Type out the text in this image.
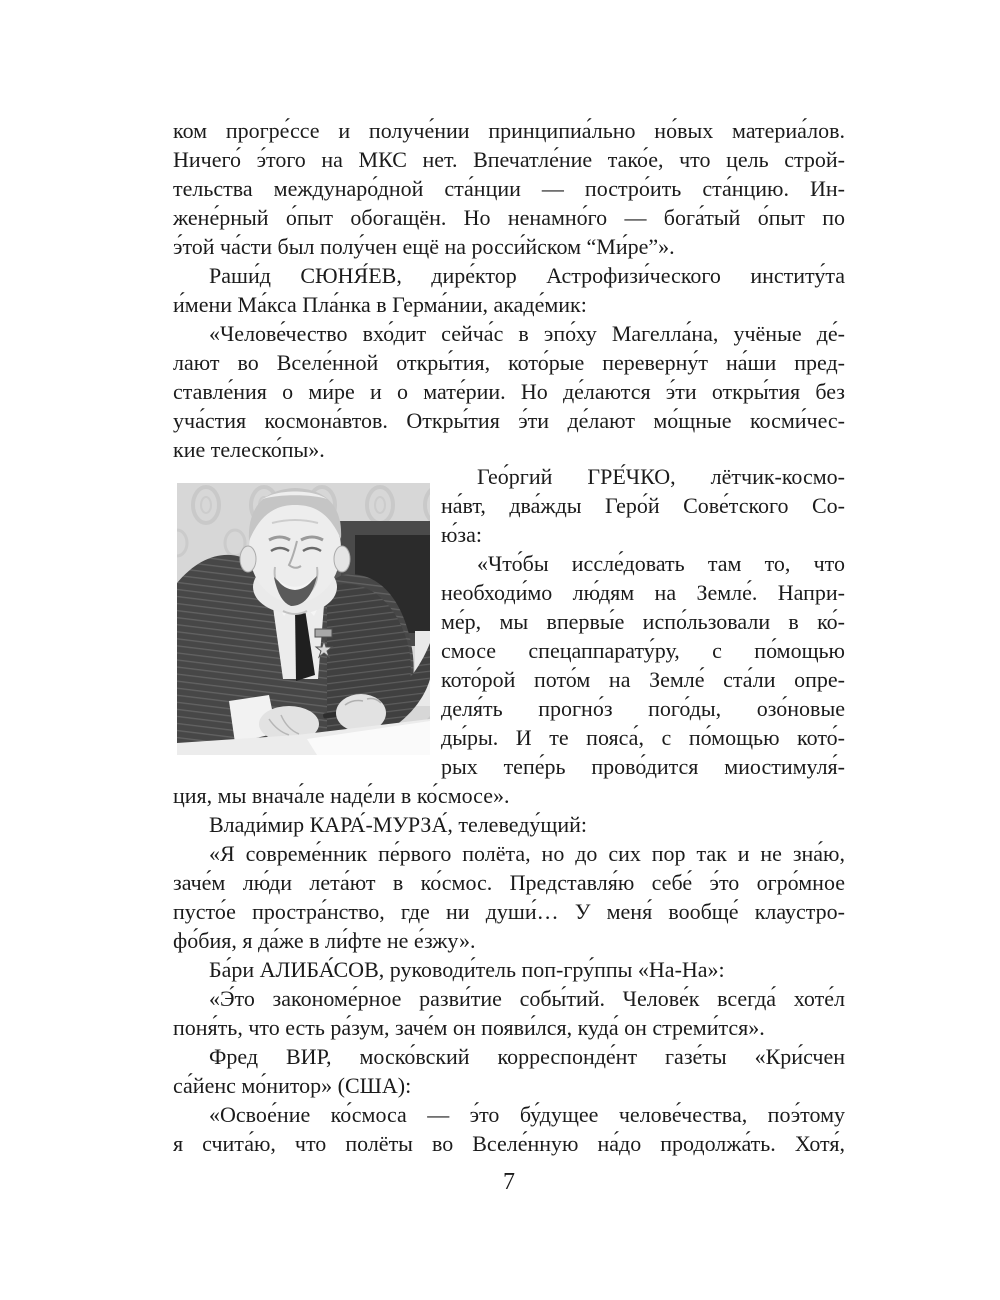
ком прогре́ссе и получе́нии принципиа́льно но́вых материа́лов.
Ничего́ э́того на МКС нет. Впечатле́ние тако́е, что цель строй-
тельства междунаро́дной ста́нции — постро́ить ста́нцию. Ин-
жене́рный о́пыт обогащён. Но ненамно́го — бога́тый о́пыт по
э́той ча́сти был полу́чен ещё на росси́йском “Ми́ре”».
Раши́д СЮНЯ́ЕВ, дире́ктор Астрофизи́ческого институ́та
и́мени Ма́кса Пла́нка в Герма́нии, акаде́мик:
«Челове́чество вхо́дит сейча́с в эпо́ху Магелла́на, учёные де́-
лают во Вселе́нной откры́тия, кото́рые переверну́т на́ши пред-
ставле́ния о ми́ре и о мате́рии. Но де́лаются э́ти откры́тия без
уча́стия космона́втов. Откры́тия э́ти де́лают мо́щные косми́чес-
кие телеско́пы».
Гео́ргий ГРЕ́ЧКО, лётчик-космо-
на́вт, два́жды Геро́й Сове́тского Со-
ю́за:
«Что́бы иссле́довать там то, что
необходи́мо лю́дям на Земле́. Напри-
ме́р, мы впервы́е испо́льзовали в ко́-
смосе спецаппарату́ру, с по́мощью
кото́рой пото́м на Земле́ ста́ли опре-
деля́ть прогно́з пого́ды, озо́новые
ды́ры. И те пояса́, с по́мощью кото́-
рых тепе́рь прово́дится миостимуля́-
ция, мы внача́ле наде́ли в ко́смосе».
Влади́мир КАРА́-МУРЗА́, телеведу́щий:
«Я совреме́нник пе́рвого полёта, но до сих пор так и не зна́ю,
заче́м лю́ди лета́ют в ко́смос. Представля́ю себе́ э́то огро́мное
пусто́е простра́нство, где ни души́… У меня́ вообще́ клаустро-
фо́бия, я да́же в ли́фте не е́зжу».
Ба́ри АЛИБА́СОВ, руководи́тель поп-гру́ппы «На-На»:
«Э́то закономе́рное разви́тие собы́тий. Челове́к всегда́ хоте́л
поня́ть, что есть ра́зум, заче́м он появи́лся, куда́ он стреми́тся».
Фред ВИР, моско́вский корреспонде́нт газе́ты «Кри́счен
са́йенс мо́нитор» (США):
«Освое́ние ко́смоса — э́то бу́дущее челове́чества, поэ́тому
я счита́ю, что полёты во Вселе́нную на́до продолжа́ть. Хотя́,
7
